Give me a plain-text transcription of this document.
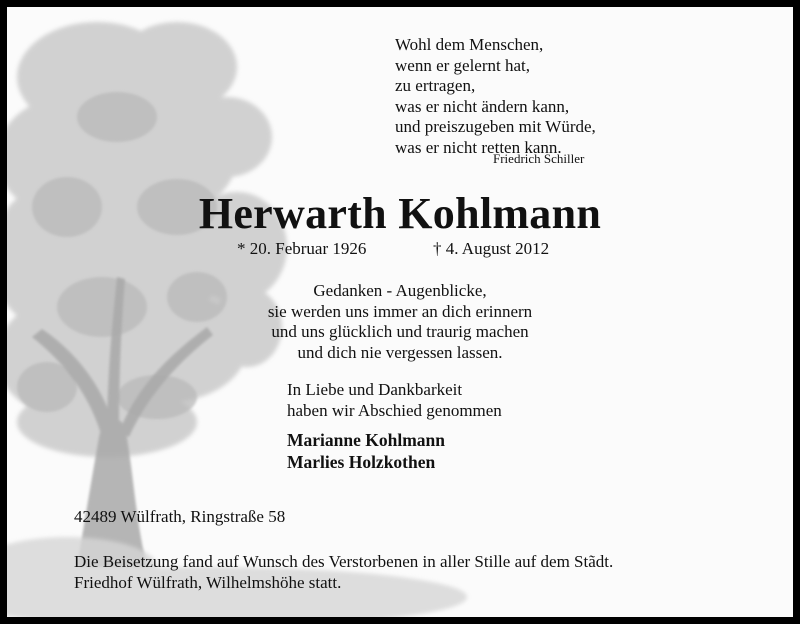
Wohl dem Menschen,
wenn er gelernt hat,
zu ertragen,
was er nicht ändern kann,
und preiszugeben mit Würde,
was er nicht retten kann.
Friedrich Schiller
Herwarth Kohlmann
* 20. Februar 1926	† 4. August 2012
Gedanken - Augenblicke,
sie werden uns immer an dich erinnern
und uns glücklich und traurig machen
und dich nie vergessen lassen.
In Liebe und Dankbarkeit
haben wir Abschied genommen
Marianne Kohlmann
Marlies Holzkothen
42489 Wülfrath, Ringstraße 58
Die Beisetzung fand auf Wunsch des Verstorbenen in aller Stille auf dem Stãdt.
Friedhof Wülfrath, Wilhelmshöhe statt.
